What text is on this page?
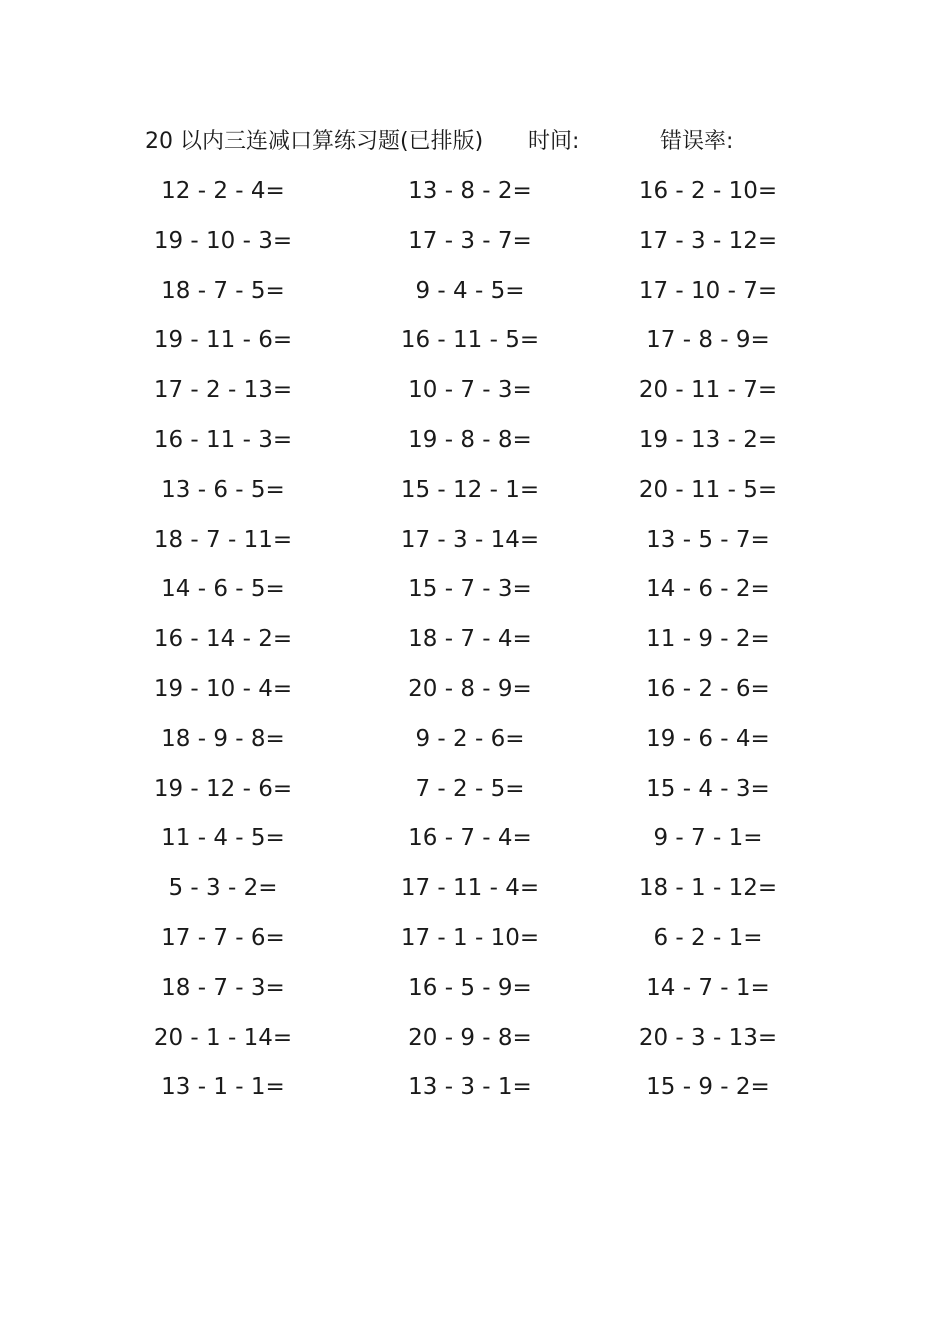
20 以内三连减口算练习题(已排版) 时间:	错误率:
12 - 2 - 4=	13 - 8 - 2=	16 - 2 - 10=
19 - 10 - 3=	17 - 3 - 7=	17 - 3 - 12=
18 - 7 - 5=	9 - 4 - 5=	17 - 10 - 7=
19 - 11 - 6=	16 - 11 - 5=	17 - 8 - 9=
17 - 2 - 13=	10 - 7 - 3=	20 - 11 - 7=
16 - 11 - 3=	19 - 8 - 8=	19 - 13 - 2=
13 - 6 - 5=	15 - 12 - 1=	20 - 11 - 5=
18 - 7 - 11=	17 - 3 - 14=	13 - 5 - 7=
14 - 6 - 5=	15 - 7 - 3=	14 - 6 - 2=
16 - 14 - 2=	18 - 7 - 4=	11 - 9 - 2=
19 - 10 - 4=	20 - 8 - 9=	16 - 2 - 6=
18 - 9 - 8=	9 - 2 - 6=	19 - 6 - 4=
19 - 12 - 6=	7 - 2 - 5=	15 - 4 - 3=
11 - 4 - 5=	16 - 7 - 4=	9 - 7 - 1=
5 - 3 - 2=	17 - 11 - 4=	18 - 1 - 12=
17 - 7 - 6=	17 - 1 - 10=	6 - 2 - 1=
18 - 7 - 3=	16 - 5 - 9=	14 - 7 - 1=
20 - 1 - 14=	20 - 9 - 8=	20 - 3 - 13=
13 - 1 - 1=	13 - 3 - 1=	15 - 9 - 2=
